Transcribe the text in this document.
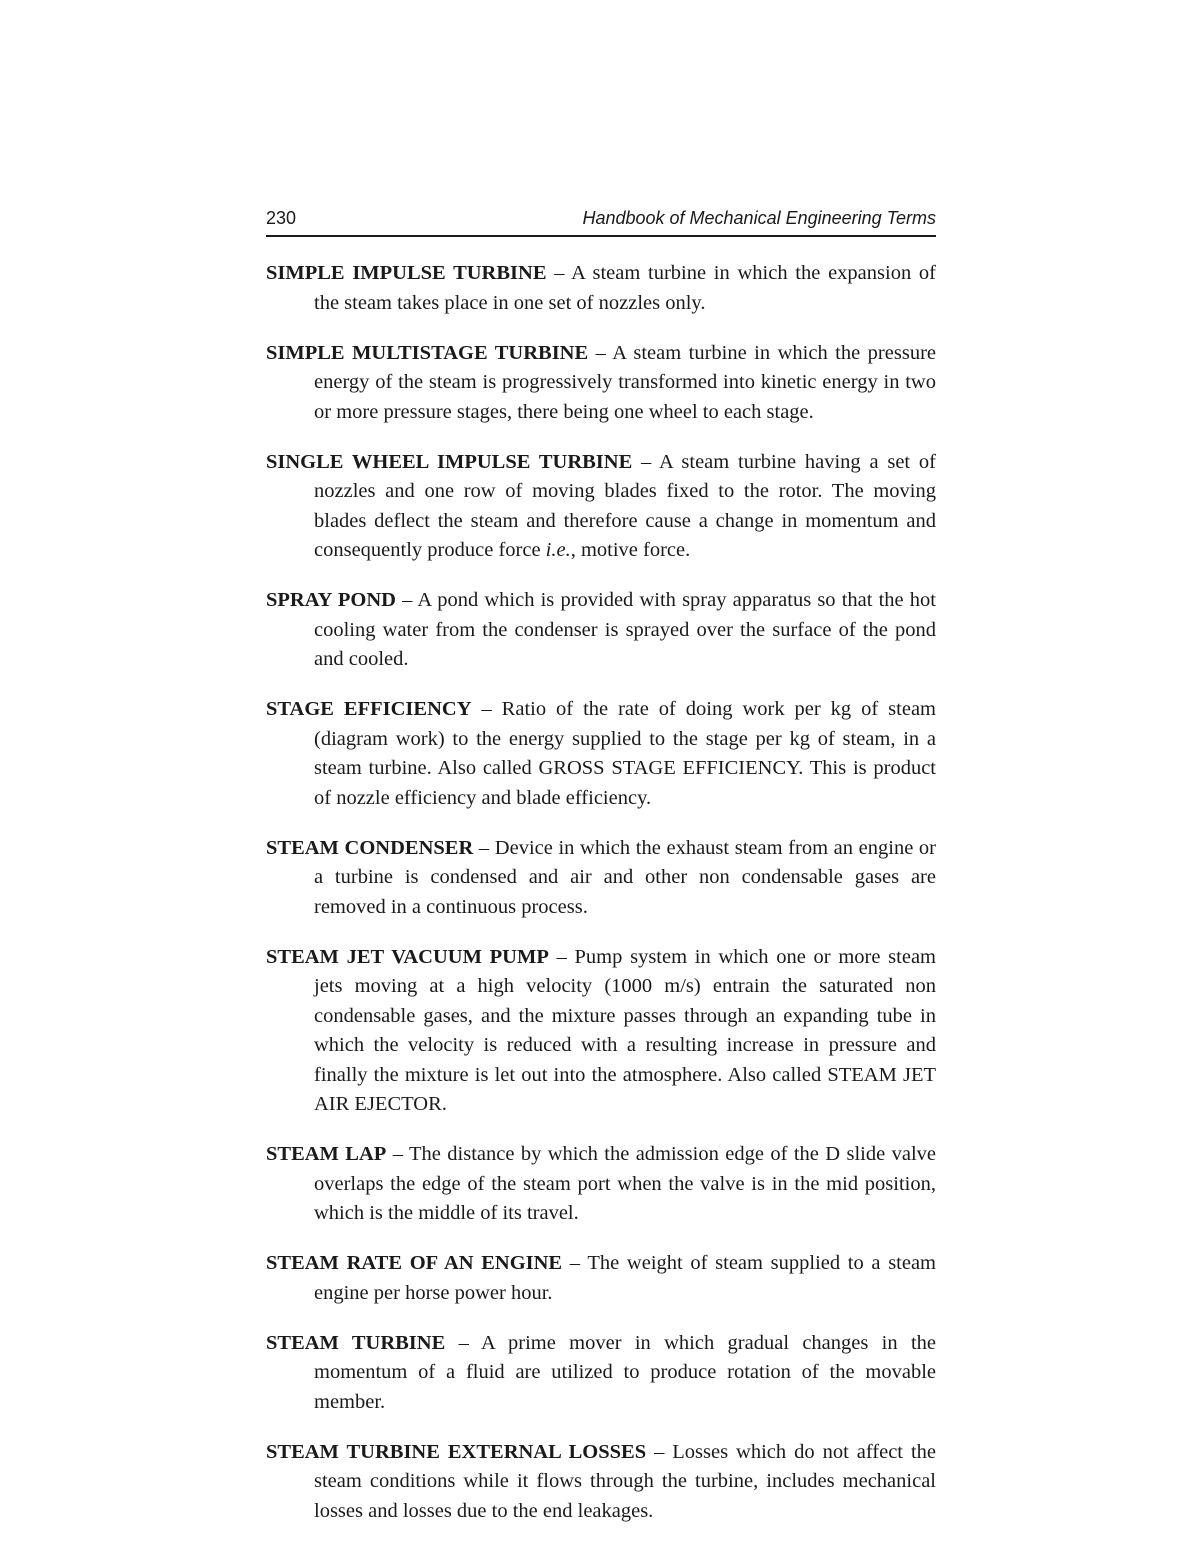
230	Handbook of Mechanical Engineering Terms

SIMPLE IMPULSE TURBINE – A steam turbine in which the expansion of the steam takes place in one set of nozzles only.

SIMPLE MULTISTAGE TURBINE – A steam turbine in which the pressure energy of the steam is progressively transformed into kinetic energy in two or more pressure stages, there being one wheel to each stage.

SINGLE WHEEL IMPULSE TURBINE – A steam turbine having a set of nozzles and one row of moving blades fixed to the rotor. The moving blades deflect the steam and therefore cause a change in momentum and consequently produce force i.e., motive force.

SPRAY POND – A pond which is provided with spray apparatus so that the hot cooling water from the condenser is sprayed over the surface of the pond and cooled.

STAGE EFFICIENCY – Ratio of the rate of doing work per kg of steam (diagram work) to the energy supplied to the stage per kg of steam, in a steam turbine. Also called GROSS STAGE EFFICIENCY. This is product of nozzle efficiency and blade efficiency.

STEAM CONDENSER – Device in which the exhaust steam from an engine or a turbine is condensed and air and other non condensable gases are removed in a continuous process.

STEAM JET VACUUM PUMP – Pump system in which one or more steam jets moving at a high velocity (1000 m/s) entrain the saturated non condensable gases, and the mixture passes through an expanding tube in which the velocity is reduced with a resulting increase in pressure and finally the mixture is let out into the atmosphere. Also called STEAM JET AIR EJECTOR.

STEAM LAP – The distance by which the admission edge of the D slide valve overlaps the edge of the steam port when the valve is in the mid position, which is the middle of its travel.

STEAM RATE OF AN ENGINE – The weight of steam supplied to a steam engine per horse power hour.

STEAM TURBINE – A prime mover in which gradual changes in the momentum of a fluid are utilized to produce rotation of the movable member.

STEAM TURBINE EXTERNAL LOSSES – Losses which do not affect the steam conditions while it flows through the turbine, includes mechanical losses and losses due to the end leakages.
